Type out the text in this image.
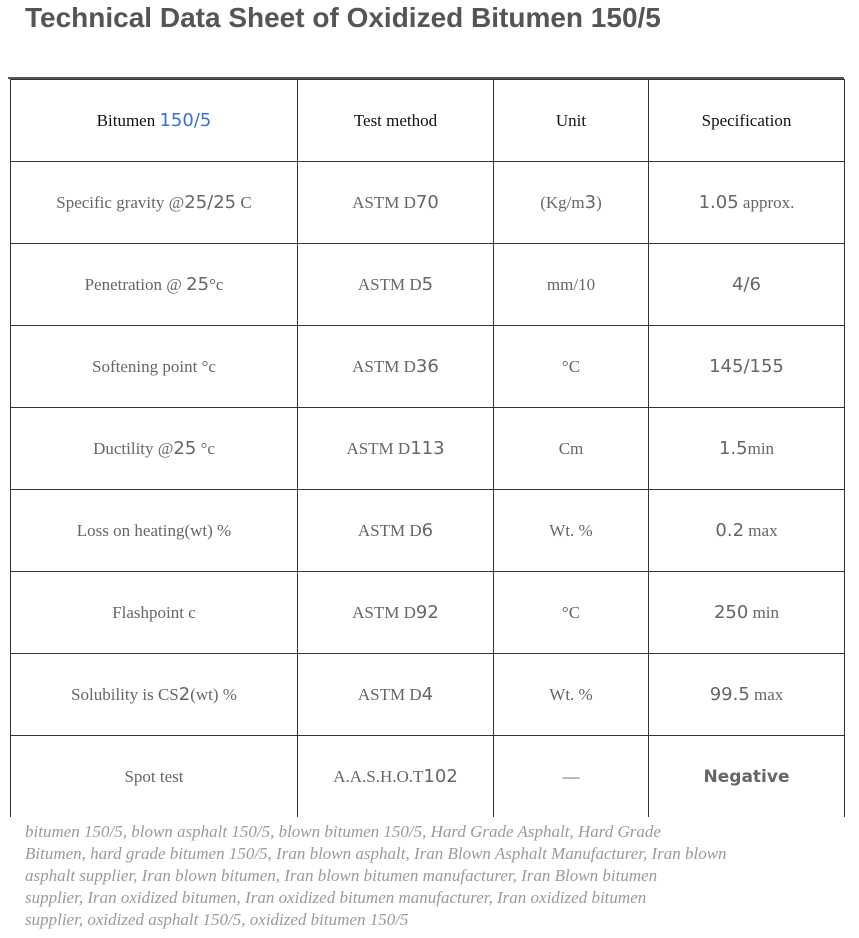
Technical Data Sheet of Oxidized Bitumen 150/5
Bitumen 150/5	Test method	Unit	Specification
Specific gravity @25/25 C	ASTM D70	(Kg/m3)	1.05 approx.
Penetration @ 25°c	ASTM D5	mm/10	4/6
Softening point °c	ASTM D36	°C	145/155
Ductility @25 °c	ASTM D113	Cm	1.5min
Loss on heating(wt) %	ASTM D6	Wt. %	0.2 max
Flashpoint c	ASTM D92	°C	250 min
Solubility is CS2(wt) %	ASTM D4	Wt. %	99.5 max
Spot test	A.A.S.H.O.T102	—	Negative
bitumen 150/5, blown asphalt 150/5, blown bitumen 150/5, Hard Grade Asphalt, Hard Grade
Bitumen, hard grade bitumen 150/5, Iran blown asphalt, Iran Blown Asphalt Manufacturer, Iran blown
asphalt supplier, Iran blown bitumen, Iran blown bitumen manufacturer, Iran Blown bitumen
supplier, Iran oxidized bitumen, Iran oxidized bitumen manufacturer, Iran oxidized bitumen
supplier, oxidized asphalt 150/5, oxidized bitumen 150/5
